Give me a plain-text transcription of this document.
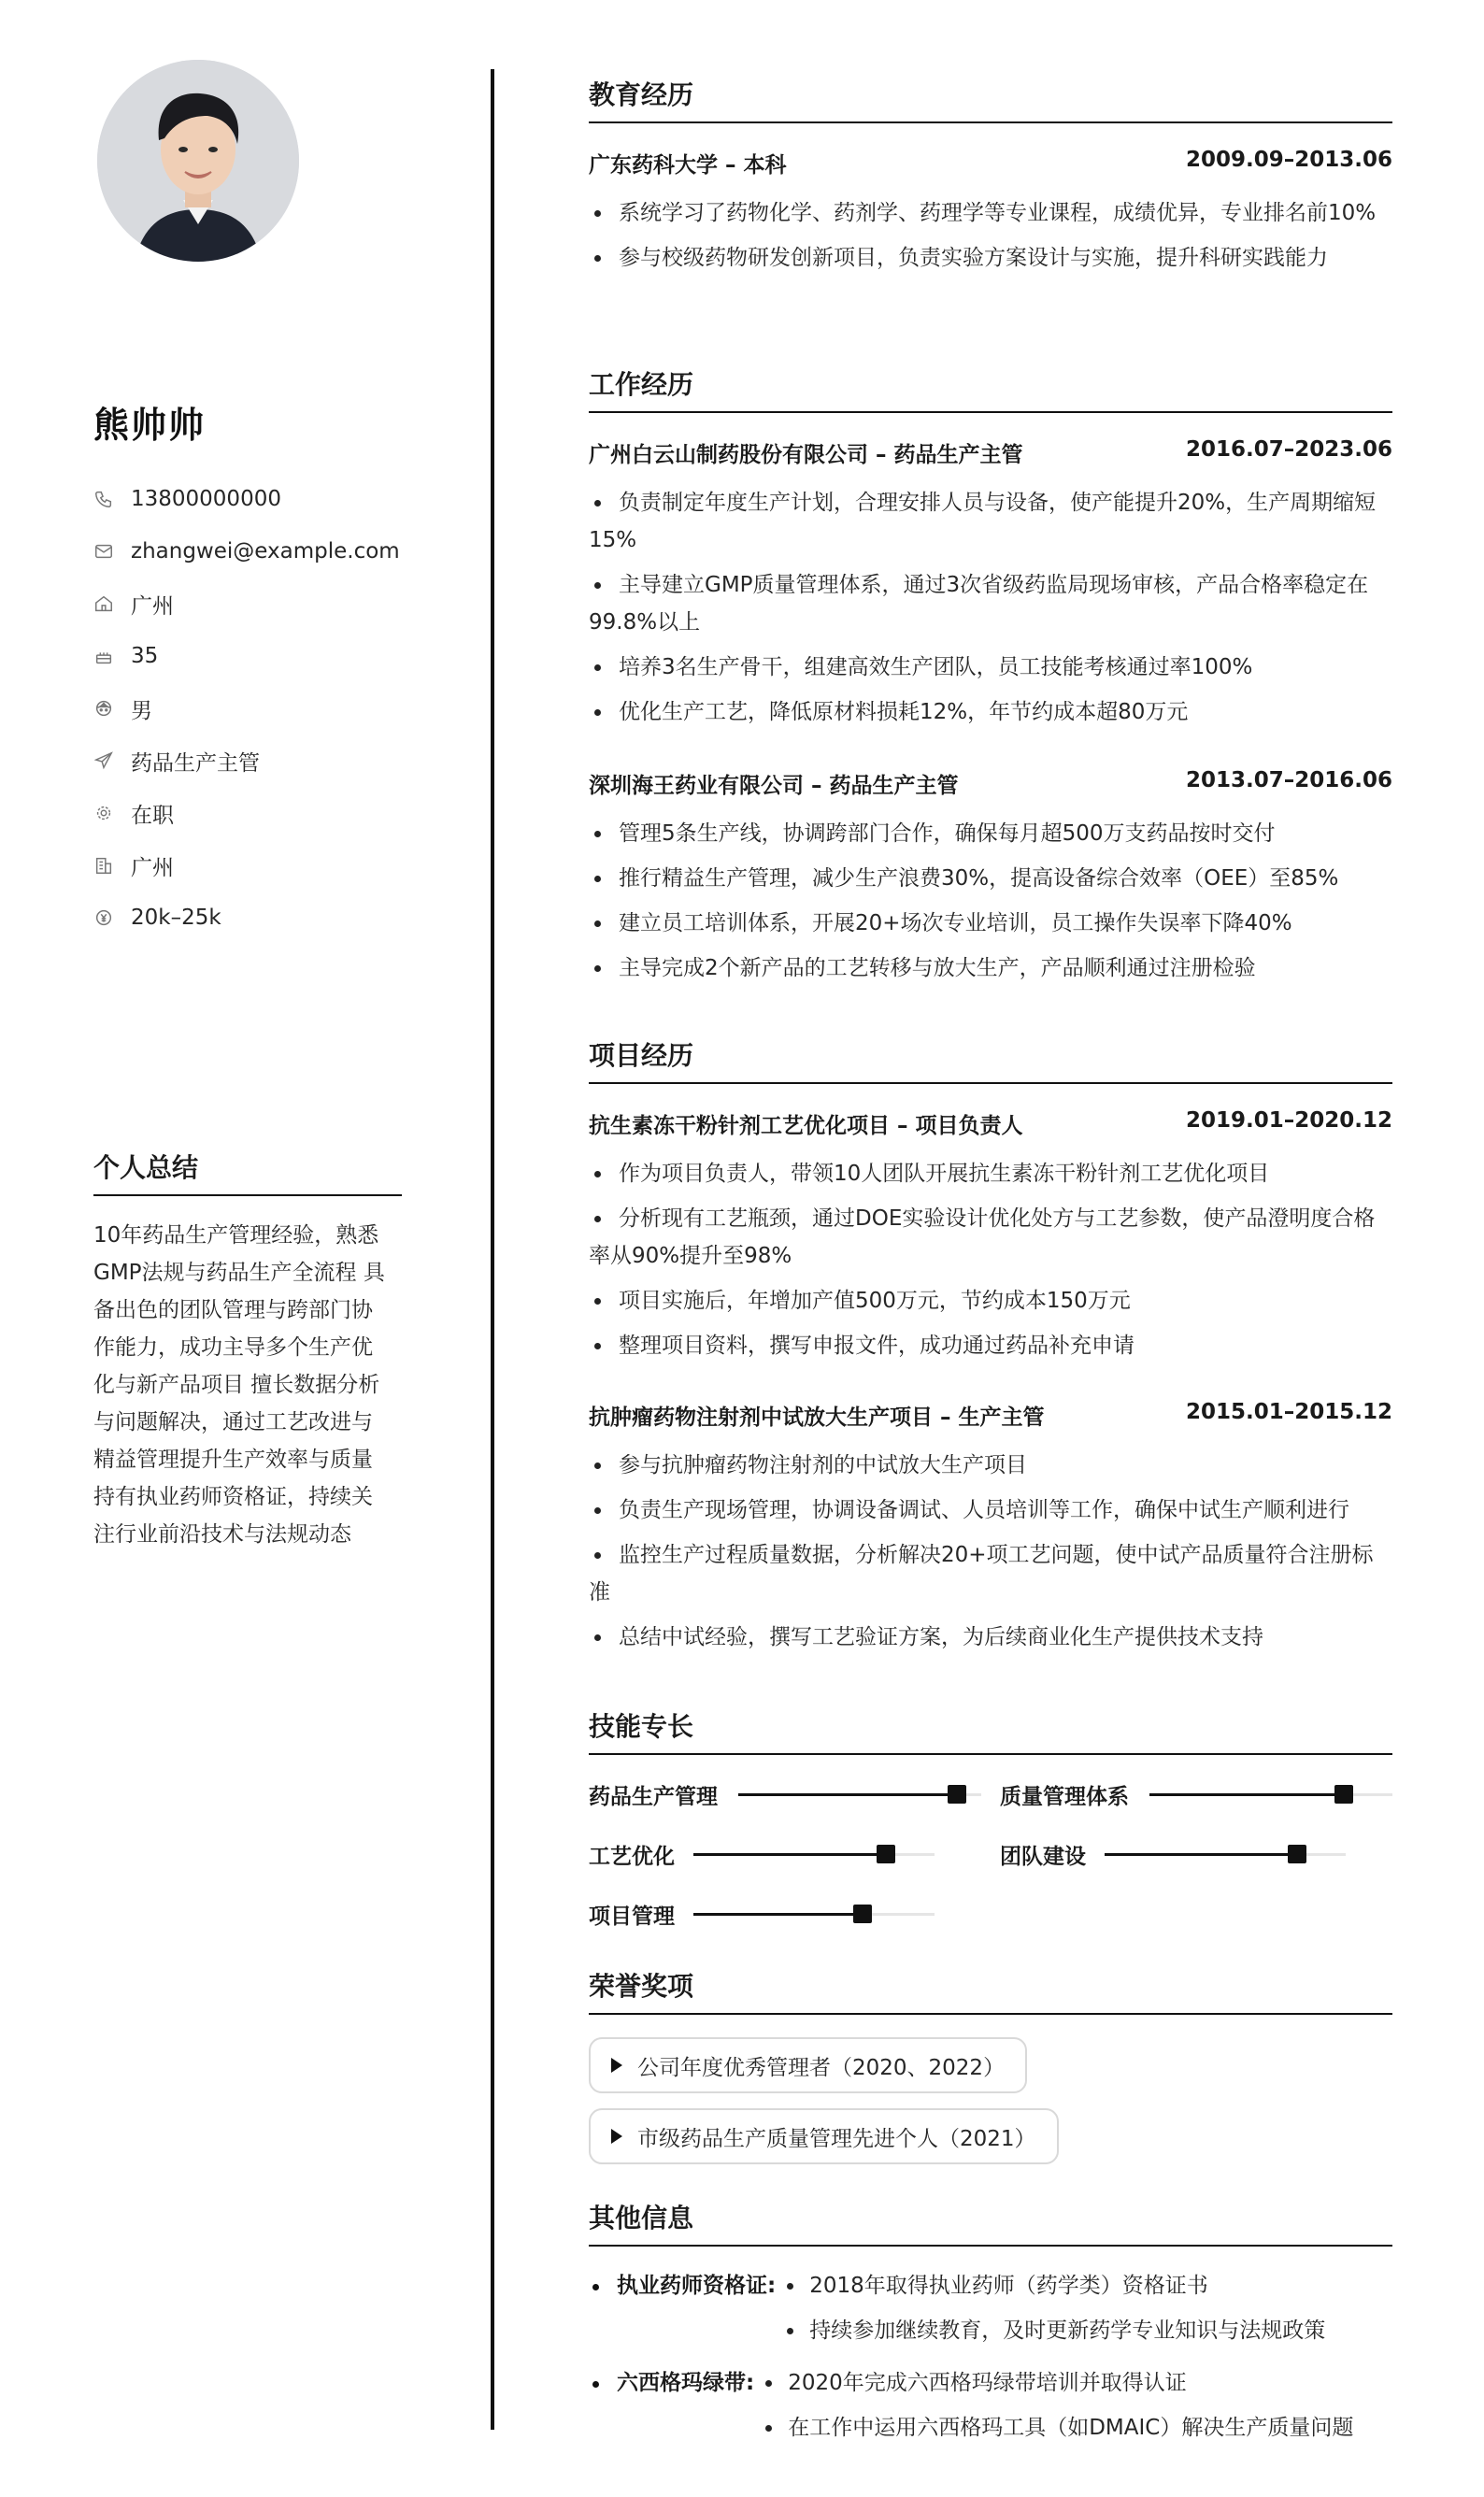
熊帅帅
13800000000
zhangwei@example.com
广州
35
男
药品生产主管
在职
广州
20k–25k
个人总结
10年药品生产管理经验，熟悉
GMP法规与药品生产全流程 具
备出色的团队管理与跨部门协
作能力，成功主导多个生产优
化与新产品项目 擅长数据分析
与问题解决，通过工艺改进与
精益管理提升生产效率与质量
持有执业药师资格证，持续关
注行业前沿技术与法规动态
教育经历
广东药科大学 – 本科	2009.09–2013.06
系统学习了药物化学、药剂学、药理学等专业课程，成绩优异，专业排名前10%
参与校级药物研发创新项目，负责实验方案设计与实施，提升科研实践能力
工作经历
广州白云山制药股份有限公司 – 药品生产主管	2016.07–2023.06
负责制定年度生产计划，合理安排人员与设备，使产能提升20%，生产周期缩短15%
主导建立GMP质量管理体系，通过3次省级药监局现场审核，产品合格率稳定在99.8%以上
培养3名生产骨干，组建高效生产团队，员工技能考核通过率100%
优化生产工艺，降低原材料损耗12%，年节约成本超80万元
深圳海王药业有限公司 – 药品生产主管	2013.07–2016.06
管理5条生产线，协调跨部门合作，确保每月超500万支药品按时交付
推行精益生产管理，减少生产浪费30%，提高设备综合效率（OEE）至85%
建立员工培训体系，开展20+场次专业培训，员工操作失误率下降40%
主导完成2个新产品的工艺转移与放大生产，产品顺利通过注册检验
项目经历
抗生素冻干粉针剂工艺优化项目 – 项目负责人	2019.01–2020.12
作为项目负责人，带领10人团队开展抗生素冻干粉针剂工艺优化项目
分析现有工艺瓶颈，通过DOE实验设计优化处方与工艺参数，使产品澄明度合格率从90%提升至98%
项目实施后，年增加产值500万元，节约成本150万元
整理项目资料，撰写申报文件，成功通过药品补充申请
抗肿瘤药物注射剂中试放大生产项目 – 生产主管	2015.01–2015.12
参与抗肿瘤药物注射剂的中试放大生产项目
负责生产现场管理，协调设备调试、人员培训等工作，确保中试生产顺利进行
监控生产过程质量数据，分析解决20+项工艺问题，使中试产品质量符合注册标准
总结中试经验，撰写工艺验证方案，为后续商业化生产提供技术支持
技能专长
药品生产管理	质量管理体系
工艺优化	团队建设
项目管理
荣誉奖项
公司年度优秀管理者（2020、2022）
市级药品生产质量管理先进个人（2021）
其他信息
执业药师资格证:	2018年取得执业药师（药学类）资格证书
持续参加继续教育，及时更新药学专业知识与法规政策
六西格玛绿带:	2020年完成六西格玛绿带培训并取得认证
在工作中运用六西格玛工具（如DMAIC）解决生产质量问题
